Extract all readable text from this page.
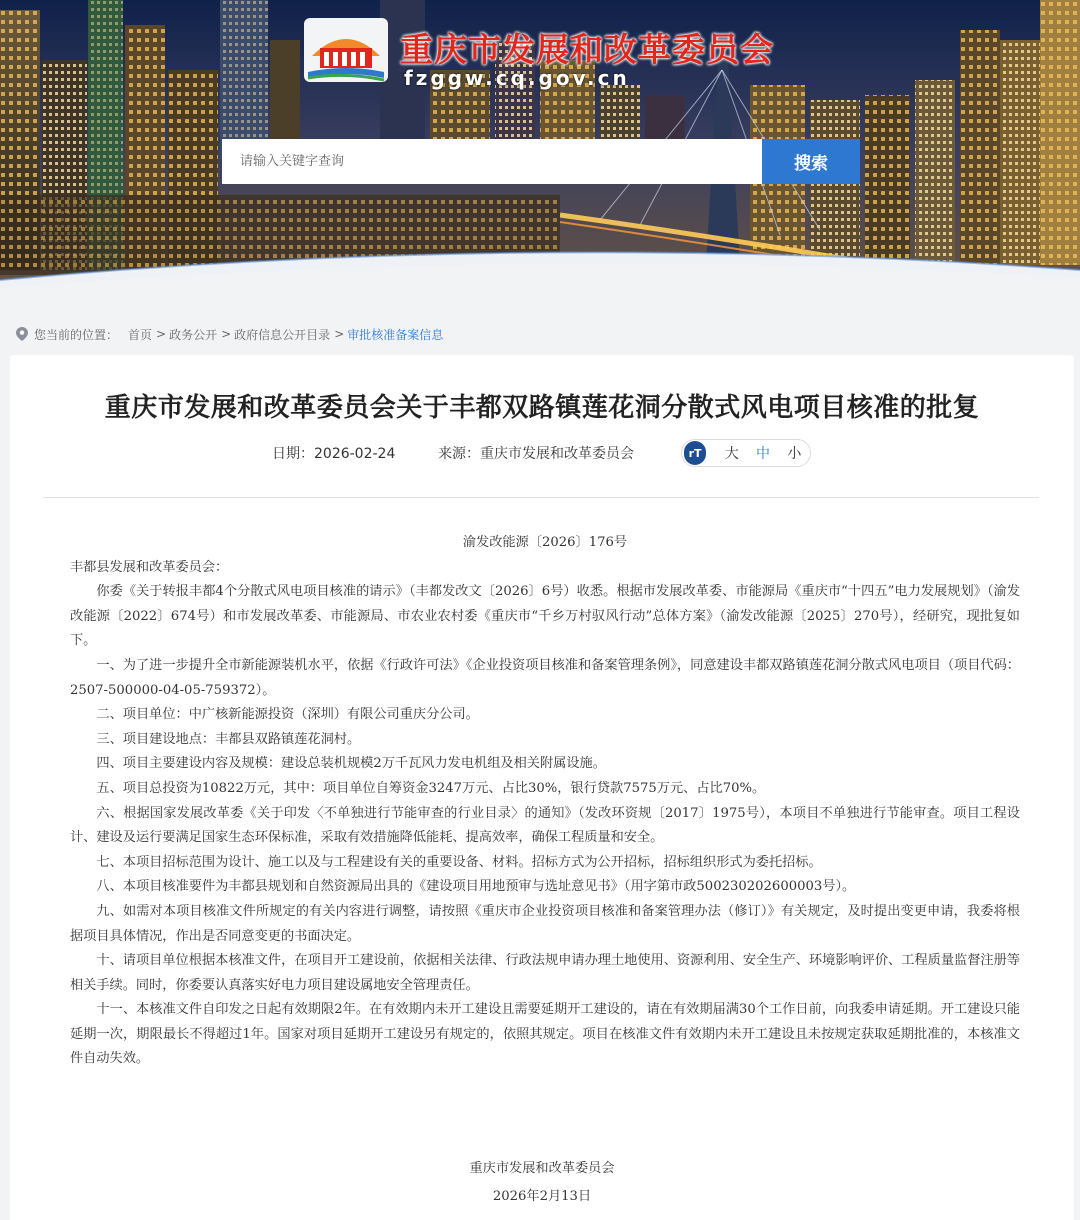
重庆市发展和改革委员会
fzggw.cq.gov.cn
请输入关键字查询
搜索
您当前的位置： 首页 > 政务公开 > 政府信息公开目录 > 审批核准备案信息
重庆市发展和改革委员会关于丰都双路镇莲花洞分散式风电项目核准的批复
日期：2026-02-24	来源：重庆市发展和改革委员会	rT	大	中	小

渝发改能源〔2026〕176号

丰都县发展和改革委员会：

你委《关于转报丰都4个分散式风电项目核准的请示》（丰都发改文〔2026〕6号）收悉。根据市发展改革委、市能源局《重庆市“十四五”电力发展规划》（渝发改能源〔2022〕674号）和市发展改革委、市能源局、市农业农村委《重庆市“千乡万村驭风行动”总体方案》（渝发改能源〔2025〕270号），经研究，现批复如下。

一、为了进一步提升全市新能源装机水平，依据《行政许可法》《企业投资项目核准和备案管理条例》，同意建设丰都双路镇莲花洞分散式风电项目（项目代码：2507-500000-04-05-759372）。

二、项目单位：中广核新能源投资（深圳）有限公司重庆分公司。

三、项目建设地点：丰都县双路镇莲花洞村。

四、项目主要建设内容及规模：建设总装机规模2万千瓦风力发电机组及相关附属设施。

五、项目总投资为10822万元，其中：项目单位自筹资金3247万元、占比30%，银行贷款7575万元、占比70%。

六、根据国家发展改革委《关于印发〈不单独进行节能审查的行业目录〉的通知》（发改环资规〔2017〕1975号），本项目不单独进行节能审查。项目工程设计、建设及运行要满足国家生态环保标准，采取有效措施降低能耗、提高效率，确保工程质量和安全。

七、本项目招标范围为设计、施工以及与工程建设有关的重要设备、材料。招标方式为公开招标，招标组织形式为委托招标。

八、本项目核准要件为丰都县规划和自然资源局出具的《建设项目用地预审与选址意见书》（用字第市政500230202600003号）。

九、如需对本项目核准文件所规定的有关内容进行调整，请按照《重庆市企业投资项目核准和备案管理办法（修订）》有关规定，及时提出变更申请，我委将根据项目具体情况，作出是否同意变更的书面决定。

十、请项目单位根据本核准文件，在项目开工建设前，依据相关法律、行政法规申请办理土地使用、资源利用、安全生产、环境影响评价、工程质量监督注册等相关手续。同时，你委要认真落实好电力项目建设属地安全管理责任。

十一、本核准文件自印发之日起有效期限2年。在有效期内未开工建设且需要延期开工建设的，请在有效期届满30个工作日前，向我委申请延期。开工建设只能延期一次，期限最长不得超过1年。国家对项目延期开工建设另有规定的，依照其规定。项目在核准文件有效期内未开工建设且未按规定获取延期批准的，本核准文件自动失效。

重庆市发展和改革委员会
2026年2月13日
